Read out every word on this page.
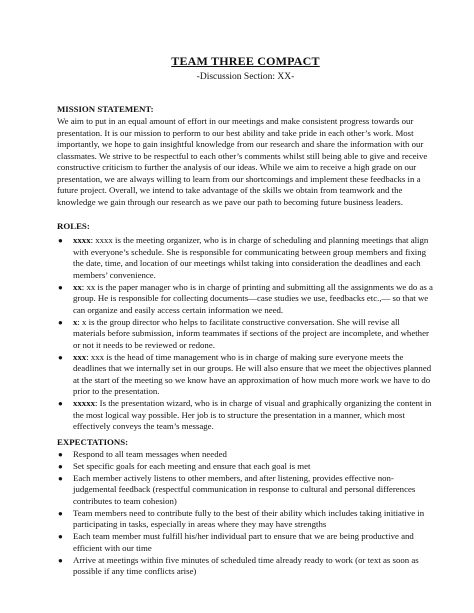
TEAM THREE COMPACT
-Discussion Section: XX-
MISSION STATEMENT:
We aim to put in an equal amount of effort in our meetings and make consistent progress towards our presentation. It is our mission to perform to our best ability and take pride in each other’s work. Most importantly, we hope to gain insightful knowledge from our research and share the information with our classmates. We strive to be respectful to each other’s comments whilst still being able to give and receive constructive criticism to further the analysis of our ideas. While we aim to receive a high grade on our presentation, we are always willing to learn from our shortcomings and implement these feedbacks in a future project. Overall, we intend to take advantage of the skills we obtain from teamwork and the knowledge we gain through our research as we pave our path to becoming future business leaders.
ROLES:
● xxxx: xxxx is the meeting organizer, who is in charge of scheduling and planning meetings that align with everyone’s schedule. She is responsible for communicating between group members and fixing the date, time, and location of our meetings whilst taking into consideration the deadlines and each members’ convenience.
● xx: xx is the paper manager who is in charge of printing and submitting all the assignments we do as a group. He is responsible for collecting documents—case studies we use, feedbacks etc.,— so that we can organize and easily access certain information we need.
● x: x is the group director who helps to facilitate constructive conversation. She will revise all materials before submission, inform teammates if sections of the project are incomplete, and whether or not it needs to be reviewed or redone.
● xxx: xxx is the head of time management who is in charge of making sure everyone meets the deadlines that we internally set in our groups. He will also ensure that we meet the objectives planned at the start of the meeting so we know have an approximation of how much more work we have to do prior to the presentation.
● xxxxx: Is the presentation wizard, who is in charge of visual and graphically organizing the content in the most logical way possible. Her job is to structure the presentation in a manner, which most effectively conveys the team’s message.
EXPECTATIONS:
● Respond to all team messages when needed
● Set specific goals for each meeting and ensure that each goal is met
● Each member actively listens to other members, and after listening, provides effective non-judgemental feedback (respectful communication in response to cultural and personal differences contributes to team cohesion)
● Team members need to contribute fully to the best of their ability which includes taking initiative in participating in tasks, especially in areas where they may have strengths
● Each team member must fulfill his/her individual part to ensure that we are being productive and efficient with our time
● Arrive at meetings within five minutes of scheduled time already ready to work (or text as soon as possible if any time conflicts arise)
